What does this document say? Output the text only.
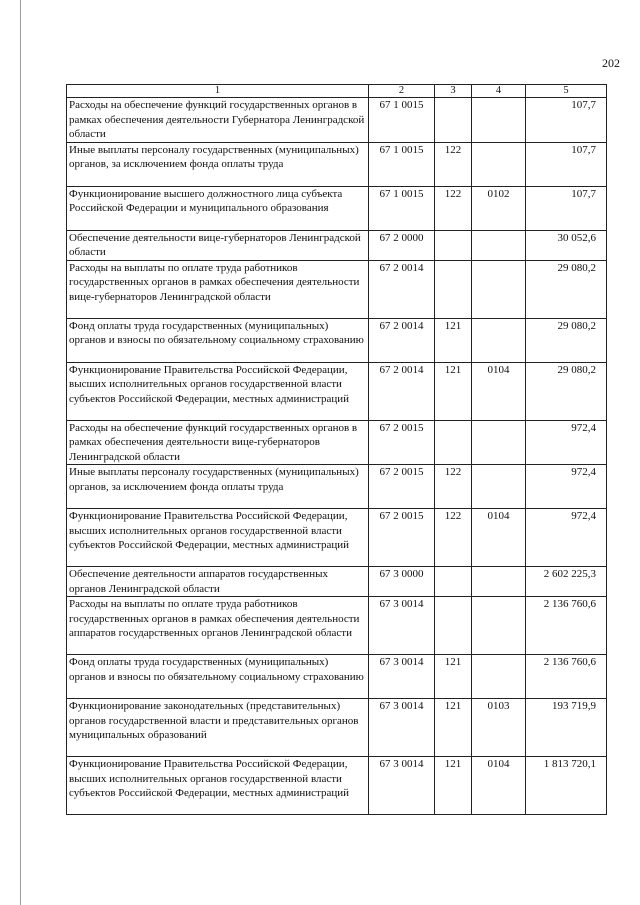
202
1	2	3	4	5
Расходы на обеспечение функций государственных органов в рамках обеспечения деятельности Губернатора Ленинградской области	67 1 0015			107,7
Иные выплаты персоналу государственных (муниципальных) органов, за исключением фонда оплаты труда	67 1 0015	122		107,7
Функционирование высшего должностного лица субъекта Российской Федерации и муниципального образования	67 1 0015	122	0102	107,7
Обеспечение деятельности вице-губернаторов Ленинградской области	67 2 0000			30 052,6
Расходы на выплаты по оплате труда работников государственных органов в рамках обеспечения деятельности вице-губернаторов Ленинградской области	67 2 0014			29 080,2
Фонд оплаты труда государственных (муниципальных) органов и взносы по обязательному социальному страхованию	67 2 0014	121		29 080,2
Функционирование Правительства Российской Федерации, высших исполнительных органов государственной власти субъектов Российской Федерации, местных администраций	67 2 0014	121	0104	29 080,2
Расходы на обеспечение функций государственных органов в рамках обеспечения деятельности вице-губернаторов Ленинградской области	67 2 0015			972,4
Иные выплаты персоналу государственных (муниципальных) органов, за исключением фонда оплаты труда	67 2 0015	122		972,4
Функционирование Правительства Российской Федерации, высших исполнительных органов государственной власти субъектов Российской Федерации, местных администраций	67 2 0015	122	0104	972,4
Обеспечение деятельности аппаратов государственных органов Ленинградской области	67 3 0000			2 602 225,3
Расходы на выплаты по оплате труда работников государственных органов в рамках обеспечения деятельности аппаратов государственных органов Ленинградской области	67 3 0014			2 136 760,6
Фонд оплаты труда государственных (муниципальных) органов и взносы по обязательному социальному страхованию	67 3 0014	121		2 136 760,6
Функционирование законодательных (представительных) органов государственной власти и представительных органов муниципальных образований	67 3 0014	121	0103	193 719,9
Функционирование Правительства Российской Федерации, высших исполнительных органов государственной власти субъектов Российской Федерации, местных администраций	67 3 0014	121	0104	1 813 720,1
